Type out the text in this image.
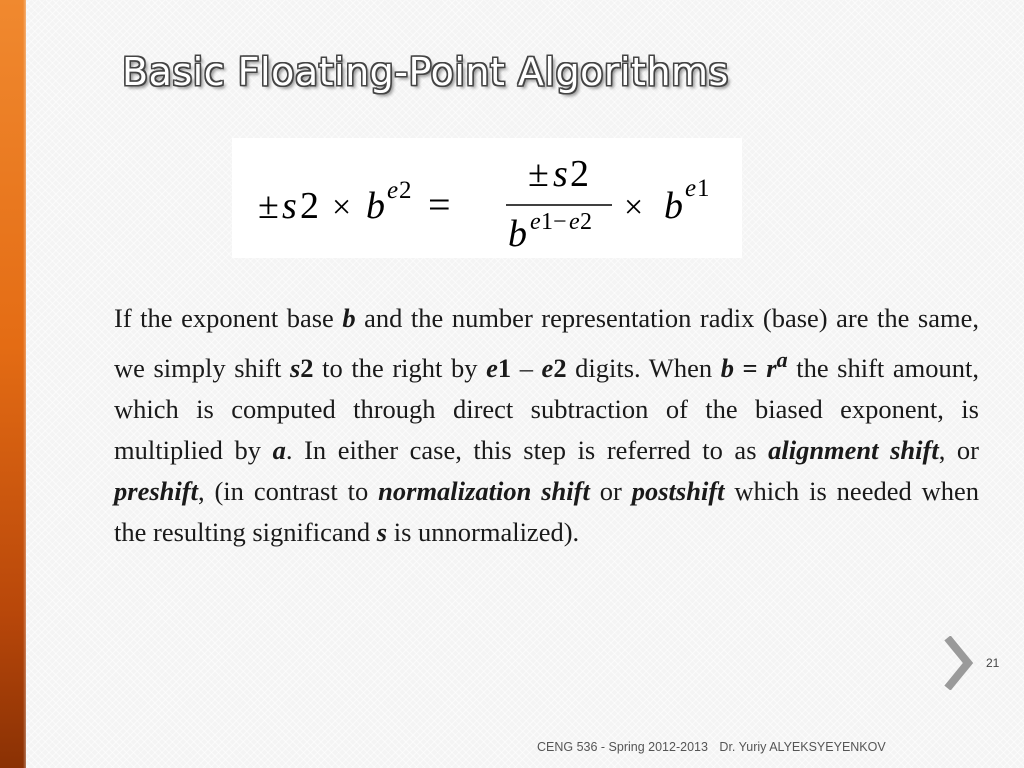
Basic Floating-Point Algorithms
± s 2 × b e 2 =
± s 2
b e 1 − e 2 × b e 1

If the exponent base b and the number representation radix (base) are the same, we simply shift s2 to the right by e1 – e2 digits. When $b = r^a$ the shift amount, which is computed through direct subtraction of the biased exponent, is multiplied by a. In either case, this step is referred to as alignment shift, or preshift, (in contrast to normalization shift or postshift which is needed when the resulting significand s is unnormalized).

21
CENG 536 - Spring 2012-2013 Dr. Yuriy ALYEKSYEYENKOV
